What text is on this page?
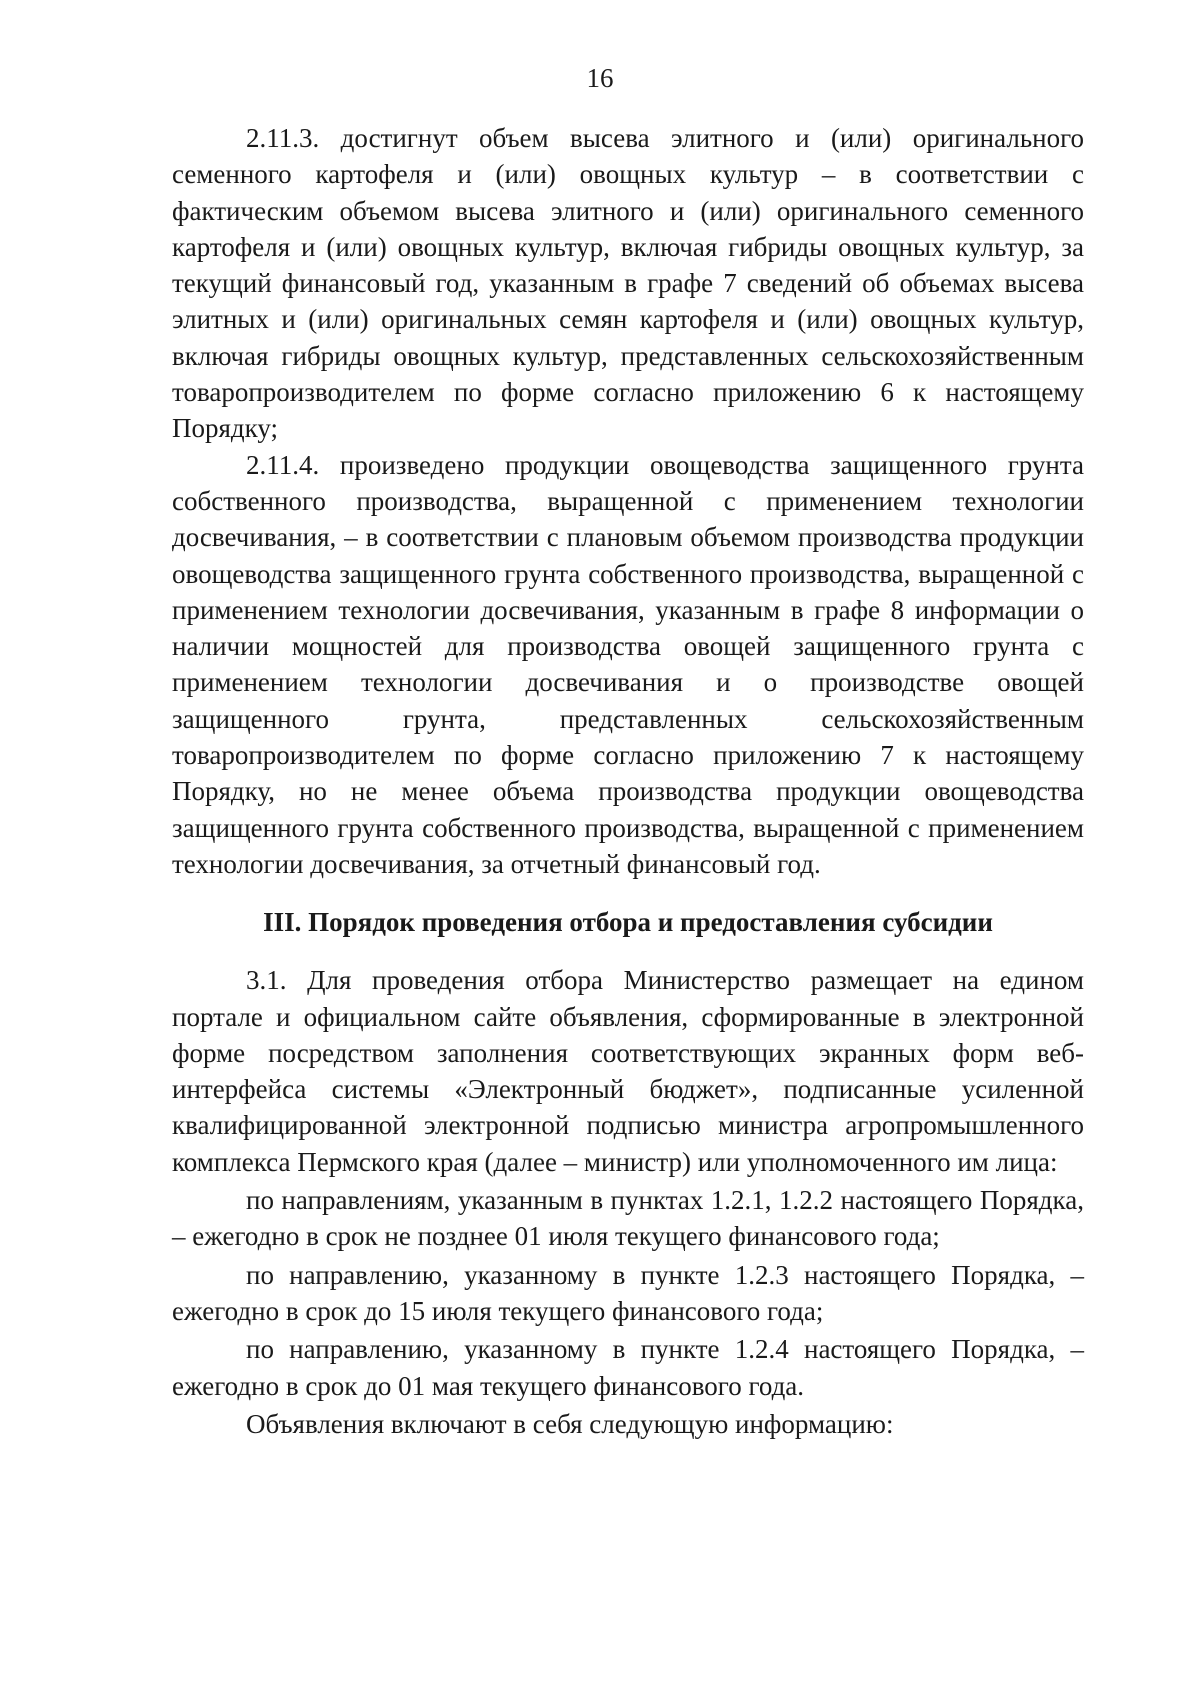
16

2.11.3. достигнут объем высева элитного и (или) оригинального семенного картофеля и (или) овощных культур – в соответствии с фактическим объемом высева элитного и (или) оригинального семенного картофеля и (или) овощных культур, включая гибриды овощных культур, за текущий финансовый год, указанным в графе 7 сведений об объемах высева элитных и (или) оригинальных семян картофеля и (или) овощных культур, включая гибриды овощных культур, представленных сельскохозяйственным товаропроизводителем по форме согласно приложению 6 к настоящему Порядку;

2.11.4. произведено продукции овощеводства защищенного грунта собственного производства, выращенной с применением технологии досвечивания, – в соответствии с плановым объемом производства продукции овощеводства защищенного грунта собственного производства, выращенной с применением технологии досвечивания, указанным в графе 8 информации о наличии мощностей для производства овощей защищенного грунта с применением технологии досвечивания и о производстве овощей защищенного грунта, представленных сельскохозяйственным товаропроизводителем по форме согласно приложению 7 к настоящему Порядку, но не менее объема производства продукции овощеводства защищенного грунта собственного производства, выращенной с применением технологии досвечивания, за отчетный финансовый год.

III. Порядок проведения отбора и предоставления субсидии

3.1. Для проведения отбора Министерство размещает на едином портале и официальном сайте объявления, сформированные в электронной форме посредством заполнения соответствующих экранных форм веб-интерфейса системы «Электронный бюджет», подписанные усиленной квалифицированной электронной подписью министра агропромышленного комплекса Пермского края (далее – министр) или уполномоченного им лица:

по направлениям, указанным в пунктах 1.2.1, 1.2.2 настоящего Порядка, – ежегодно в срок не позднее 01 июля текущего финансового года;

по направлению, указанному в пункте 1.2.3 настоящего Порядка, – ежегодно в срок до 15 июля текущего финансового года;

по направлению, указанному в пункте 1.2.4 настоящего Порядка, – ежегодно в срок до 01 мая текущего финансового года.

Объявления включают в себя следующую информацию:
